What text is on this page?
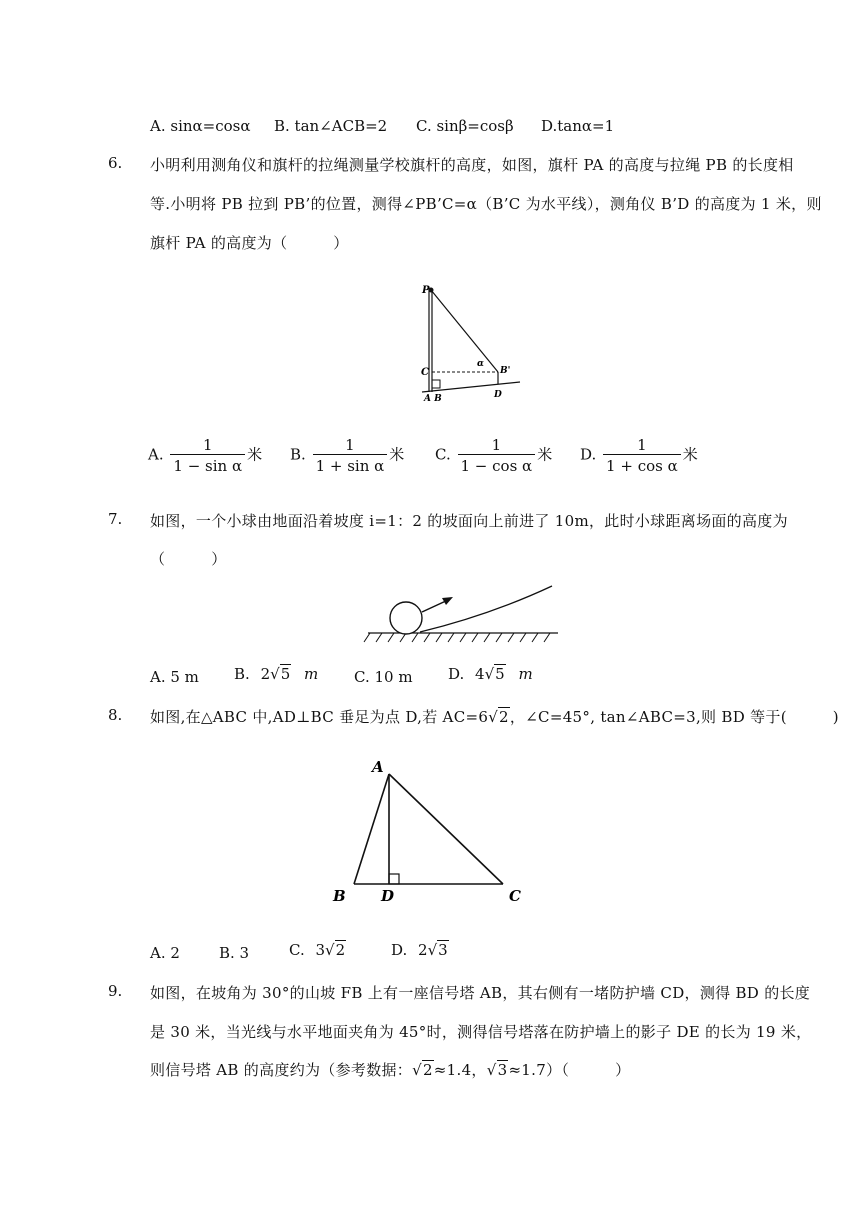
A. sinα=cosα B. tan∠ACB=2 C. sinβ=cosβ D.tanα=1
6. 小明利用测角仪和旗杆的拉绳测量学校旗杆的高度，如图，旗杆 PA 的高度与拉绳 PB 的长度相
等.小明将 PB 拉到 PB’的位置，测得∠PB’C=α（B’C 为水平线），测角仪 B’D 的高度为 1 米，则
旗杆 PA 的高度为（　　　）
P
C
α
B'
A B	D
A. $\frac{1}{\text{1 − sin α}}$ 米 B. $\frac{1}{\text{1 + sin α}}$ 米 C. $\frac{1}{\text{1 − cos α}}$ 米 D. $\frac{1}{\text{1 + cos α}}$ 米
7. 如图，一个小球由地面沿着坡度 i=1：2 的坡面向上前进了 10m，此时小球距离场面的高度为
（　　　）
A. 5 m B. 2√5 m C. 10 m D. 4√5 m
8. 如图,在△ABC 中,AD⊥BC 垂足为点 D,若 AC=6√2，∠C=45°, tan∠ABC=3,则 BD 等于(　　　)
A
B D	C
A. 2	B. 3	C. 3√2	D. 2√3
9. 如图，在坡角为 30°的山坡 FB 上有一座信号塔 AB，其右侧有一堵防护墙 CD，测得 BD 的长度
是 30 米，当光线与水平地面夹角为 45°时，测得信号塔落在防护墙上的影子 DE 的长为 19 米，
则信号塔 AB 的高度约为（参考数据：√2≈1.4，√3≈1.7）（　　　）
